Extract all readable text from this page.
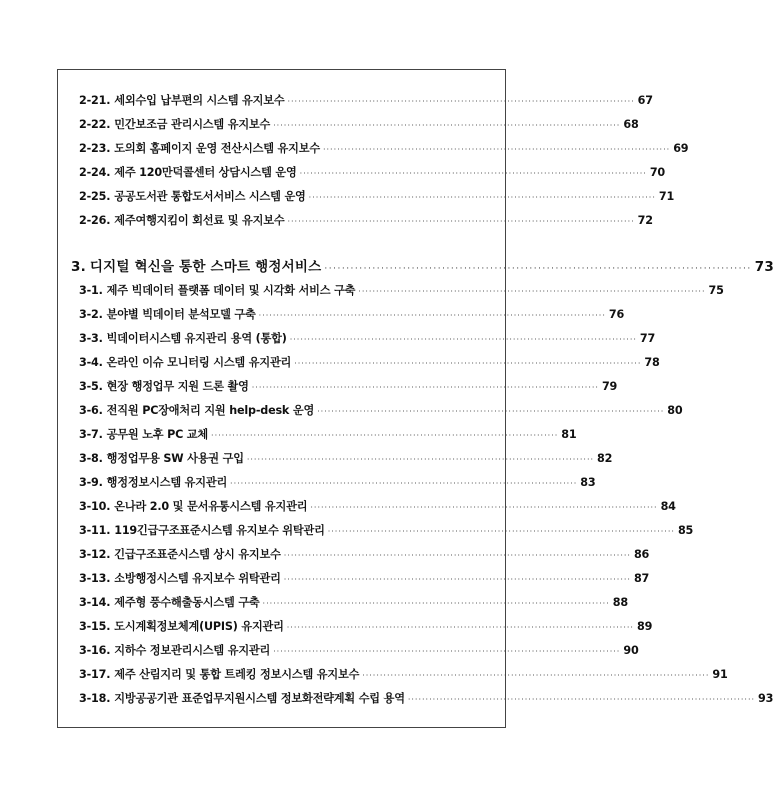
2-21. 세외수입 납부편의 시스템 유지보수 ·································································································· 67
2-22. 민간보조금 관리시스템 유지보수 ·································································································· 68
2-23. 도의회 홈페이지 운영 전산시스템 유지보수 ·································································································· 69
2-24. 제주 120만덕콜센터 상담시스템 운영 ·································································································· 70
2-25. 공공도서관 통합도서서비스 시스템 운영 ·································································································· 71
2-26. 제주여행지킴이 회선료 및 유지보수 ·································································································· 72
3. 디지털 혁신을 통한 스마트 행정서비스 ·································································································· 73
3-1. 제주 빅데이터 플랫폼 데이터 및 시각화 서비스 구축 ·································································································· 75
3-2. 분야별 빅데이터 분석모델 구축 ·································································································· 76
3-3. 빅데이터시스템 유지관리 용역 (통합) ·································································································· 77
3-4. 온라인 이슈 모니터링 시스템 유지관리 ·································································································· 78
3-5. 현장 행정업무 지원 드론 촬영 ·································································································· 79
3-6. 전직원 PC장애처리 지원 help-desk 운영 ·································································································· 80
3-7. 공무원 노후 PC 교체 ·································································································· 81
3-8. 행정업무용 SW 사용권 구입 ·································································································· 82
3-9. 행정정보시스템 유지관리 ·································································································· 83
3-10. 온나라 2.0 및 문서유통시스템 유지관리 ·································································································· 84
3-11. 119긴급구조표준시스템 유지보수 위탁관리 ·································································································· 85
3-12. 긴급구조표준시스템 상시 유지보수 ·································································································· 86
3-13. 소방행정시스템 유지보수 위탁관리 ·································································································· 87
3-14. 제주형 풍수해출동시스템 구축 ·································································································· 88
3-15. 도시계획정보체계(UPIS) 유지관리 ·································································································· 89
3-16. 지하수 정보관리시스템 유지관리 ·································································································· 90
3-17. 제주 산림지리 및 통합 트레킹 정보시스템 유지보수 ·································································································· 91
3-18. 지방공공기관 표준업무지원시스템 정보화전략계획 수립 용역 ·································································································· 93
